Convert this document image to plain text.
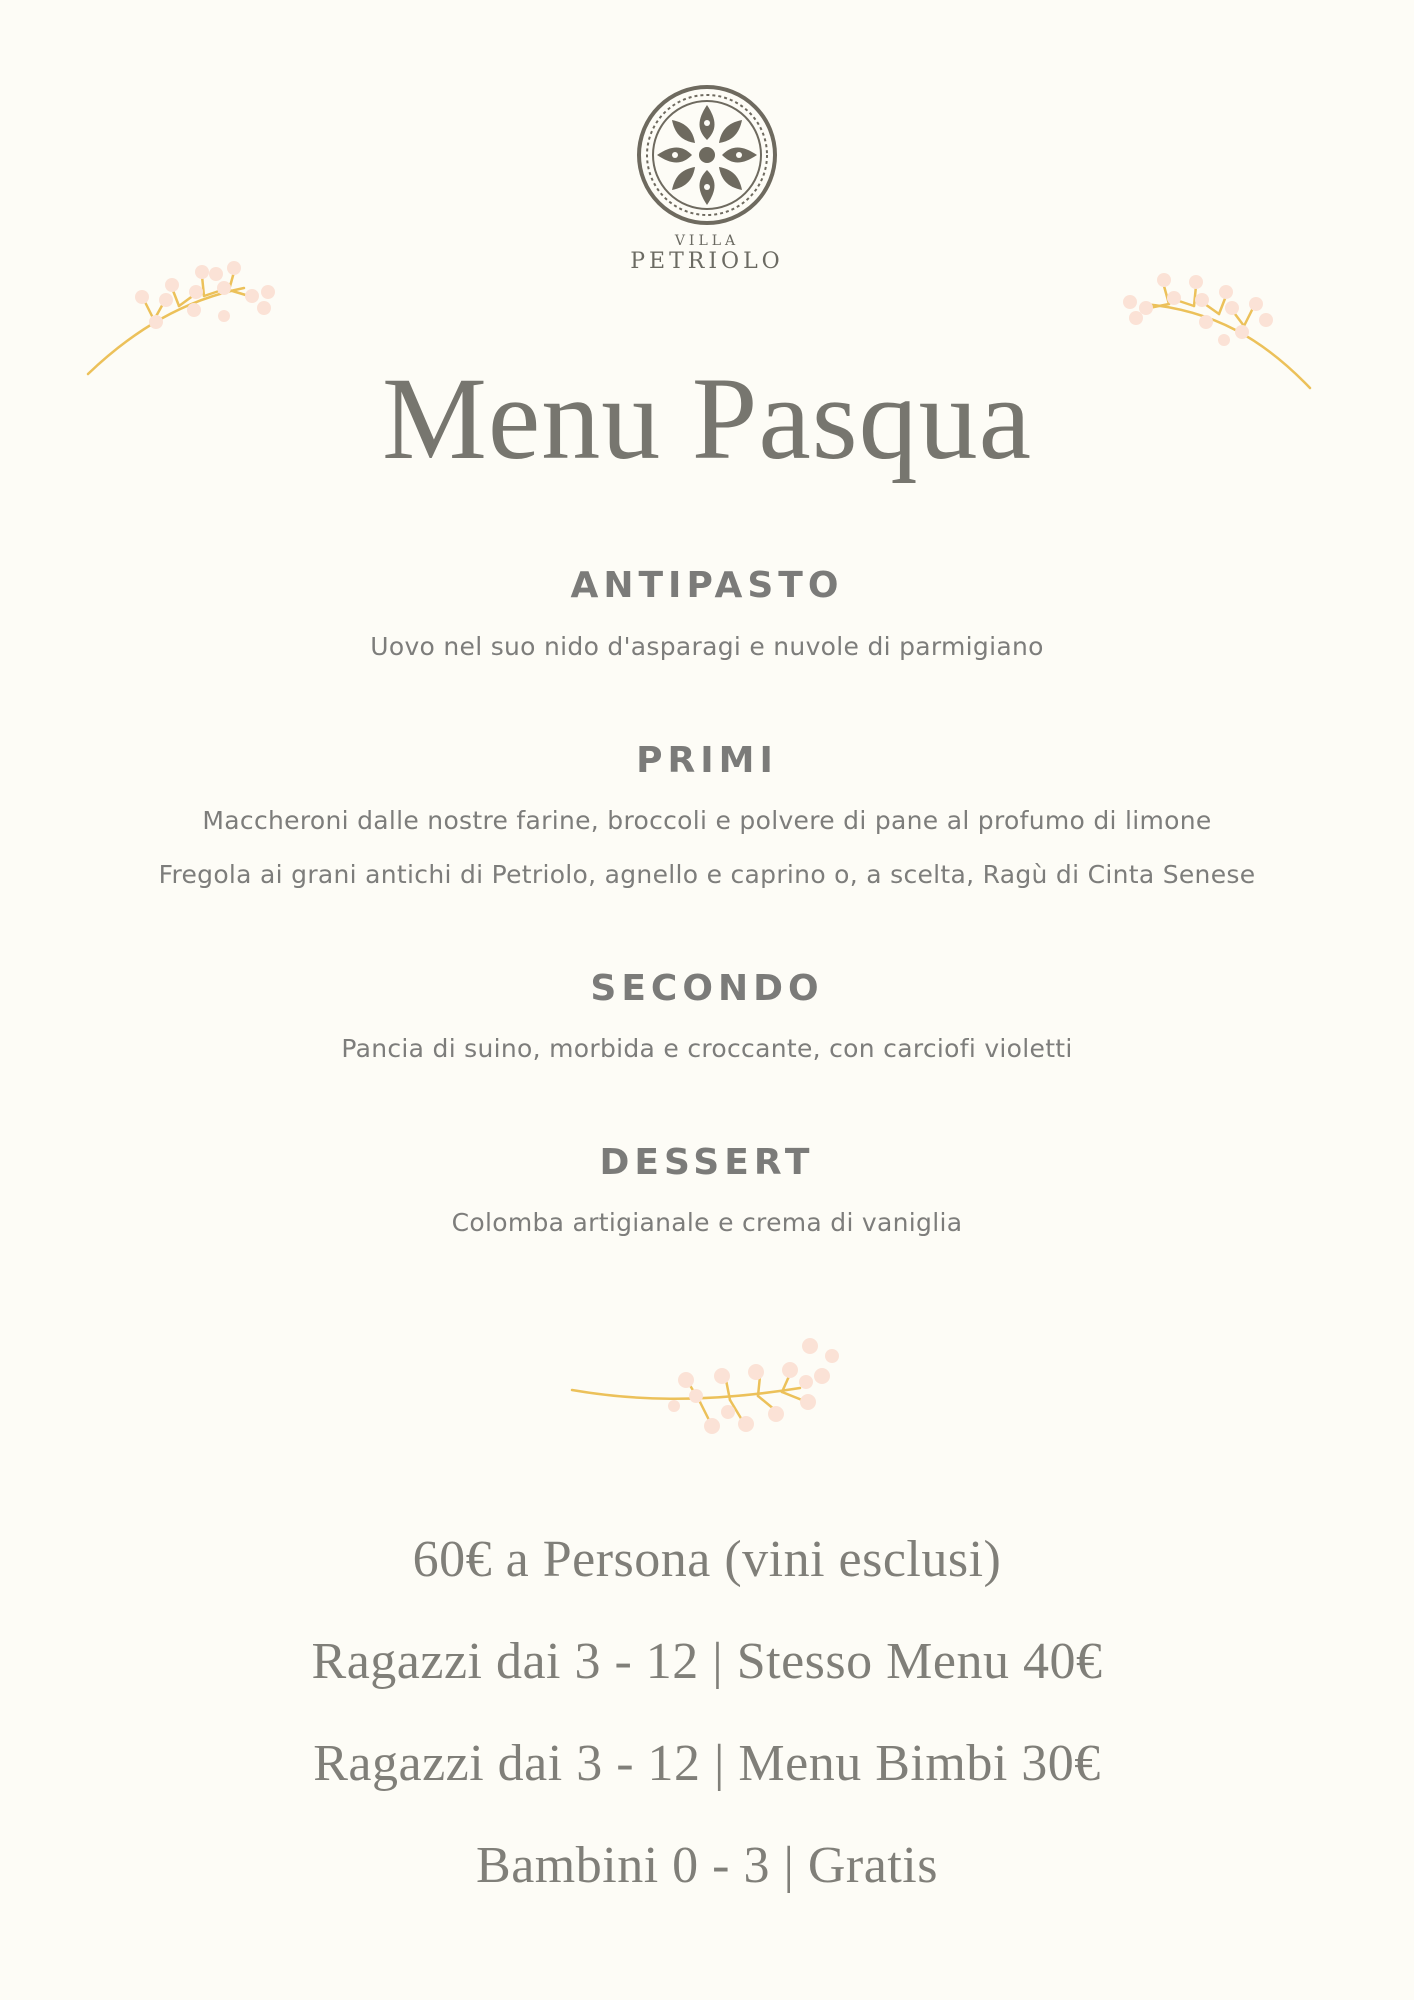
VILLA
PETRIOLO
Menu Pasqua
ANTIPASTO
Uovo nel suo nido d'asparagi e nuvole di parmigiano
PRIMI
Maccheroni dalle nostre farine, broccoli e polvere di pane al profumo di limone
Fregola ai grani antichi di Petriolo, agnello e caprino o, a scelta, Ragù di Cinta Senese
SECONDO
Pancia di suino, morbida e croccante, con carciofi violetti
DESSERT
Colomba artigianale e crema di vaniglia
60€ a Persona (vini esclusi)
Ragazzi dai 3 - 12 | Stesso Menu 40€
Ragazzi dai 3 - 12 | Menu Bimbi 30€
Bambini 0 - 3 | Gratis
